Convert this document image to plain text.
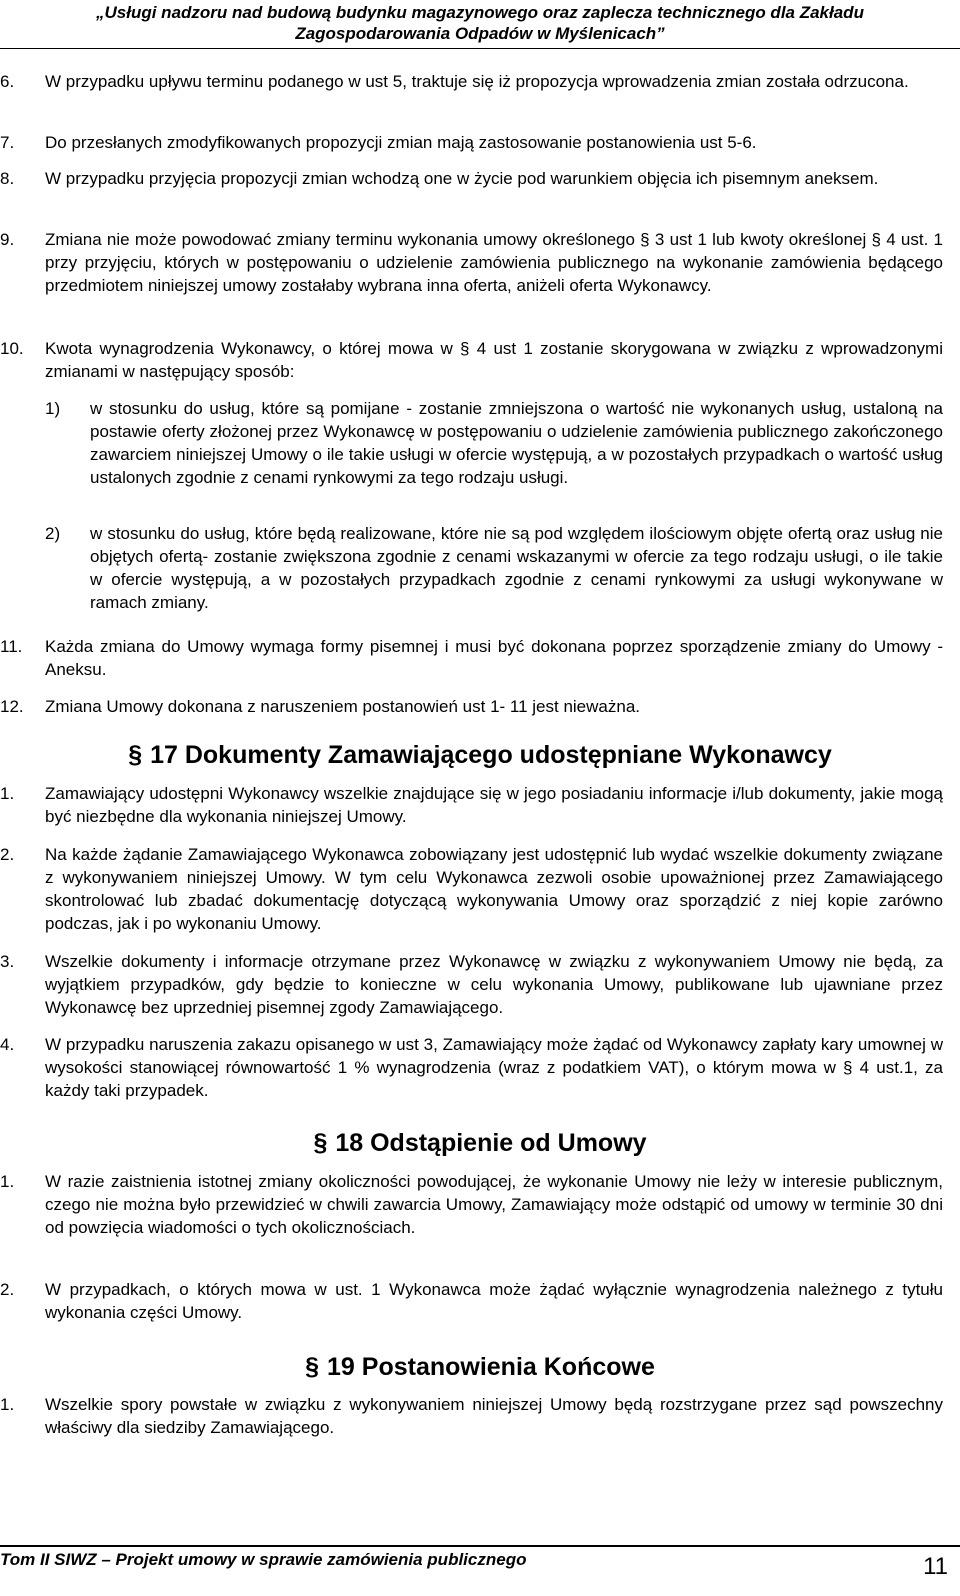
„Usługi nadzoru nad budową budynku magazynowego oraz zaplecza technicznego dla Zakładu
Zagospodarowania Odpadów w Myślenicach”
6. W przypadku upływu terminu podanego w ust 5, traktuje się iż propozycja wprowadzenia zmian została odrzucona.
7. Do przesłanych zmodyfikowanych propozycji zmian mają zastosowanie postanowienia ust 5-6.
8. W przypadku przyjęcia propozycji zmian wchodzą one w życie pod warunkiem objęcia ich pisemnym aneksem.
9. Zmiana nie może powodować zmiany terminu wykonania umowy określonego § 3 ust 1 lub kwoty określonej § 4 ust. 1 przy przyjęciu, których w postępowaniu o udzielenie zamówienia publicznego na wykonanie zamówienia będącego przedmiotem niniejszej umowy zostałaby wybrana inna oferta, aniżeli oferta Wykonawcy.
10. Kwota wynagrodzenia Wykonawcy, o której mowa w § 4 ust 1 zostanie skorygowana w związku z wprowadzonymi zmianami w następujący sposób:
1) w stosunku do usług, które są pomijane - zostanie zmniejszona o wartość nie wykonanych usług, ustaloną na postawie oferty złożonej przez Wykonawcę w postępowaniu o udzielenie zamówienia publicznego zakończonego zawarciem niniejszej Umowy o ile takie usługi w ofercie występują, a w pozostałych przypadkach o wartość usług ustalonych zgodnie z cenami rynkowymi za tego rodzaju usługi.
2) w stosunku do usług, które będą realizowane, które nie są pod względem ilościowym objęte ofertą oraz usług nie objętych ofertą- zostanie zwiększona zgodnie z cenami wskazanymi w ofercie za tego rodzaju usługi, o ile takie w ofercie występują, a w pozostałych przypadkach zgodnie z cenami rynkowymi za usługi wykonywane w ramach zmiany.
11. Każda zmiana do Umowy wymaga formy pisemnej i musi być dokonana poprzez sporządzenie zmiany do Umowy - Aneksu.
12. Zmiana Umowy dokonana z naruszeniem postanowień ust 1- 11 jest nieważna.
§ 17 Dokumenty Zamawiającego udostępniane Wykonawcy
1. Zamawiający udostępni Wykonawcy wszelkie znajdujące się w jego posiadaniu informacje i/lub dokumenty, jakie mogą być niezbędne dla wykonania niniejszej Umowy.
2. Na każde żądanie Zamawiającego Wykonawca zobowiązany jest udostępnić lub wydać wszelkie dokumenty związane z wykonywaniem niniejszej Umowy. W tym celu Wykonawca zezwoli osobie upoważnionej przez Zamawiającego skontrolować lub zbadać dokumentację dotyczącą wykonywania Umowy oraz sporządzić z niej kopie zarówno podczas, jak i po wykonaniu Umowy.
3. Wszelkie dokumenty i informacje otrzymane przez Wykonawcę w związku z wykonywaniem Umowy nie będą, za wyjątkiem przypadków, gdy będzie to konieczne w celu wykonania Umowy, publikowane lub ujawniane przez Wykonawcę bez uprzedniej pisemnej zgody Zamawiającego.
4. W przypadku naruszenia zakazu opisanego w ust 3, Zamawiający może żądać od Wykonawcy zapłaty kary umownej w wysokości stanowiącej równowartość 1 % wynagrodzenia (wraz z podatkiem VAT), o którym mowa w § 4 ust.1, za każdy taki przypadek.
§ 18 Odstąpienie od Umowy
1. W razie zaistnienia istotnej zmiany okoliczności powodującej, że wykonanie Umowy nie leży w interesie publicznym, czego nie można było przewidzieć w chwili zawarcia Umowy, Zamawiający może odstąpić od umowy w terminie 30 dni od powzięcia wiadomości o tych okolicznościach.
2. W przypadkach, o których mowa w ust. 1 Wykonawca może żądać wyłącznie wynagrodzenia należnego z tytułu wykonania części Umowy.
§ 19 Postanowienia Końcowe
1. Wszelkie spory powstałe w związku z wykonywaniem niniejszej Umowy będą rozstrzygane przez sąd powszechny właściwy dla siedziby Zamawiającego.
Tom II SIWZ – Projekt umowy w sprawie zamówienia publicznego	11
